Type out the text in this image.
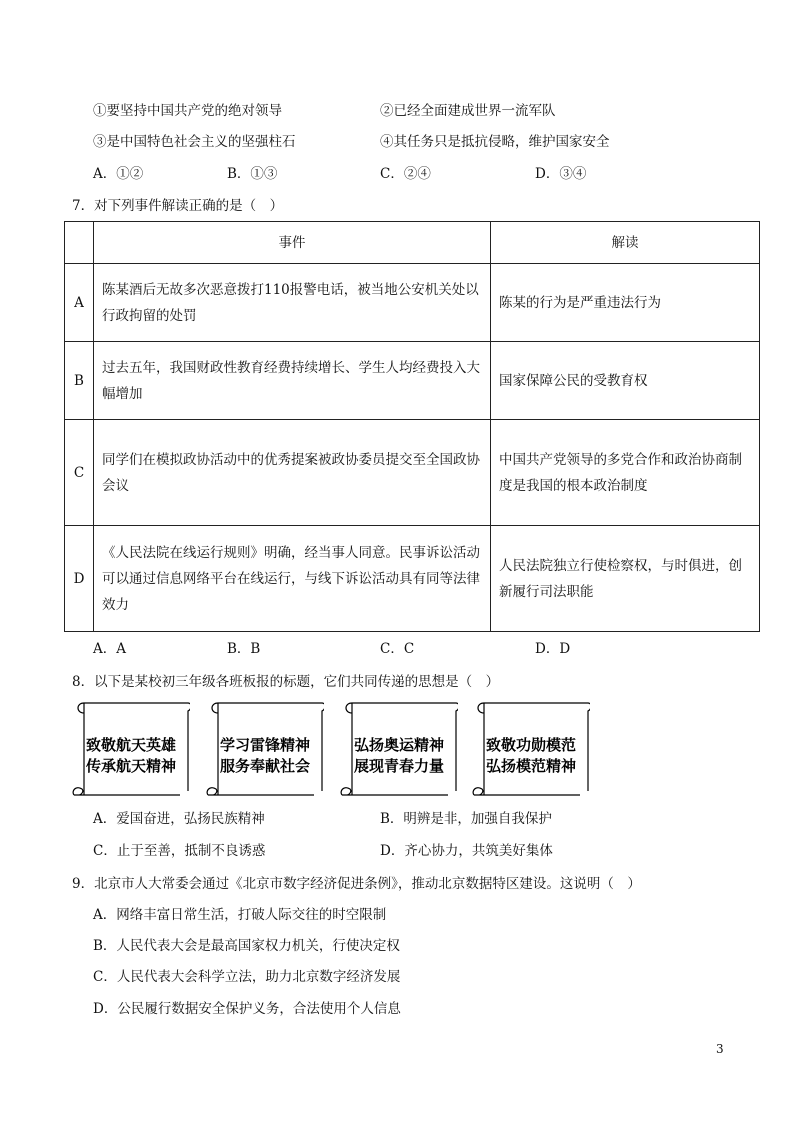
①要坚持中国共产党的绝对领导	②已经全面建成世界一流军队
③是中国特色社会主义的坚强柱石	④其任务只是抵抗侵略，维护国家安全
A．①②	B．①③	C．②④	D．③④
7．对下列事件解读正确的是（　）
	事件	解读
A	陈某酒后无故多次恶意拨打110报警电话，被当地公安机关处以行政拘留的处罚	陈某的行为是严重违法行为
B	过去五年，我国财政性教育经费持续增长、学生人均经费投入大幅增加	国家保障公民的受教育权
C	同学们在模拟政协活动中的优秀提案被政协委员提交至全国政协会议	中国共产党领导的多党合作和政治协商制度是我国的根本政治制度
D	《人民法院在线运行规则》明确，经当事人同意。民事诉讼活动可以通过信息网络平台在线运行，与线下诉讼活动具有同等法律效力	人民法院独立行使检察权，与时俱进，创新履行司法职能
A．A	B．B	C．C	D．D
8．以下是某校初三年级各班板报的标题，它们共同传递的思想是（　）
致敬航天英雄
传承航天精神
学习雷锋精神
服务奉献社会
弘扬奥运精神
展现青春力量
致敬功勋模范
弘扬模范精神
A．爱国奋进，弘扬民族精神	B．明辨是非，加强自我保护
C．止于至善，抵制不良诱惑	D．齐心协力，共筑美好集体
9．北京市人大常委会通过《北京市数字经济促进条例》，推动北京数据特区建设。这说明（　）
A．网络丰富日常生活，打破人际交往的时空限制
B．人民代表大会是最高国家权力机关，行使决定权
C．人民代表大会科学立法，助力北京数字经济发展
D．公民履行数据安全保护义务，合法使用个人信息
3
